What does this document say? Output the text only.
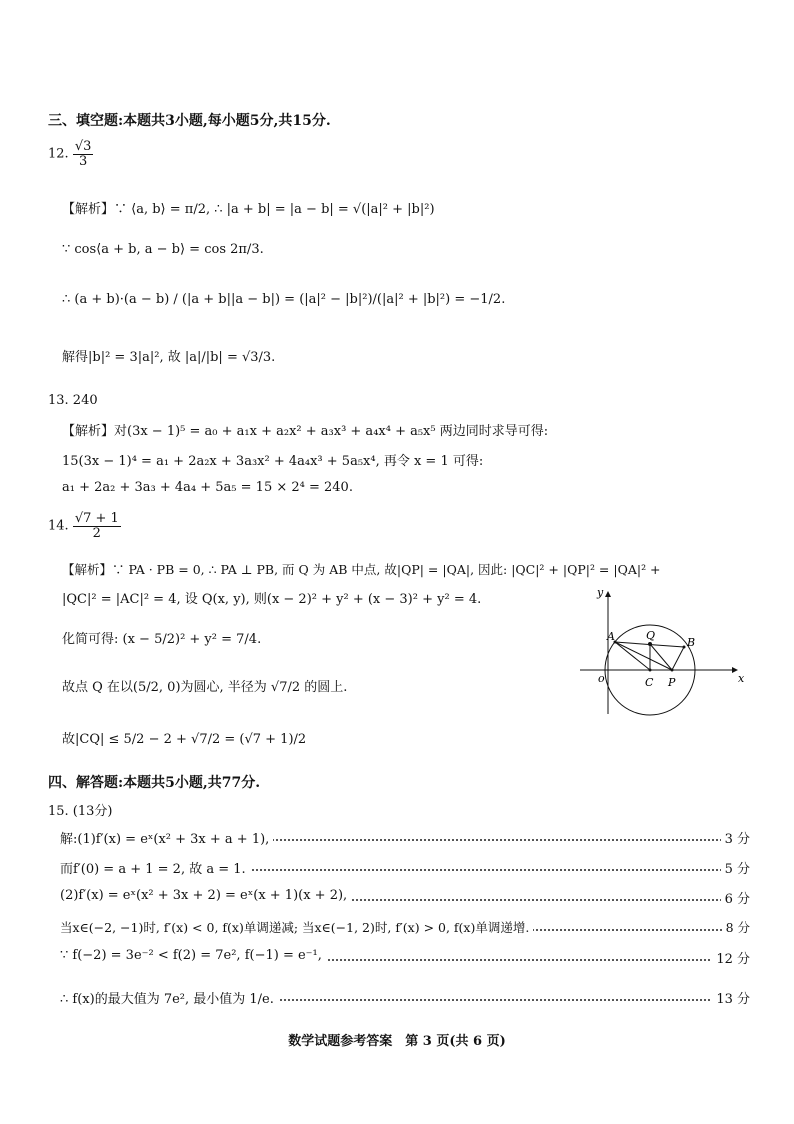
三、填空题:本题共3小题,每小题5分,共15分.
12. $\frac{√3}{3}$
【解析】∵ ⟨a, b⟩ = π/2, ∴ |a + b| = |a − b| = √(|a|² + |b|²)
∵ cos⟨a + b, a − b⟩ = cos 2π/3.
∴ (a + b)·(a − b) / (|a + b||a − b|) = (|a|² − |b|²)/(|a|² + |b|²) = −1/2.
解得|b|² = 3|a|², 故 |a|/|b| = √3/3.
13. 240
【解析】对(3x − 1)⁵ = a₀ + a₁x + a₂x² + a₃x³ + a₄x⁴ + a₅x⁵ 两边同时求导可得:
15(3x − 1)⁴ = a₁ + 2a₂x + 3a₃x² + 4a₄x³ + 5a₅x⁴, 再令 x = 1 可得:
a₁ + 2a₂ + 3a₃ + 4a₄ + 5a₅ = 15 × 2⁴ = 240.
14. $\frac{√7 + 1}{2}$
【解析】∵ PA · PB = 0, ∴ PA ⊥ PB, 而 Q 为 AB 中点, 故|QP| = |QA|, 因此: |QC|² + |QP|² = |QA|² +
|QC|² = |AC|² = 4, 设 Q(x, y), 则(x − 2)² + y² + (x − 3)² + y² = 4.
化简可得: (x − 5/2)² + y² = 7/4.
故点 Q 在以(5/2, 0)为圆心, 半径为 √7/2 的圆上.
故|CQ| ≤ 5/2 − 2 + √7/2 = (√7 + 1)/2
y
x
o
A	Q
B
C P
四、解答题:本题共5小题,共77分.
15. (13分)
解:(1)f′(x) = eˣ(x² + 3x + a + 1),	3 分
而f′(0) = a + 1 = 2, 故 a = 1.	5 分
(2)f′(x) = eˣ(x² + 3x + 2) = eˣ(x + 1)(x + 2),	6 分
当x∈(−2, −1)时, f′(x) < 0, f(x)单调递减; 当x∈(−1, 2)时, f′(x) > 0, f(x)单调递增.	8 分
∵ f(−2) = 3e⁻² < f(2) = 7e², f(−1) = e⁻¹,	12 分
∴ f(x)的最大值为 7e², 最小值为 1/e.	13 分
数学试题参考答案　第 3 页(共 6 页)
